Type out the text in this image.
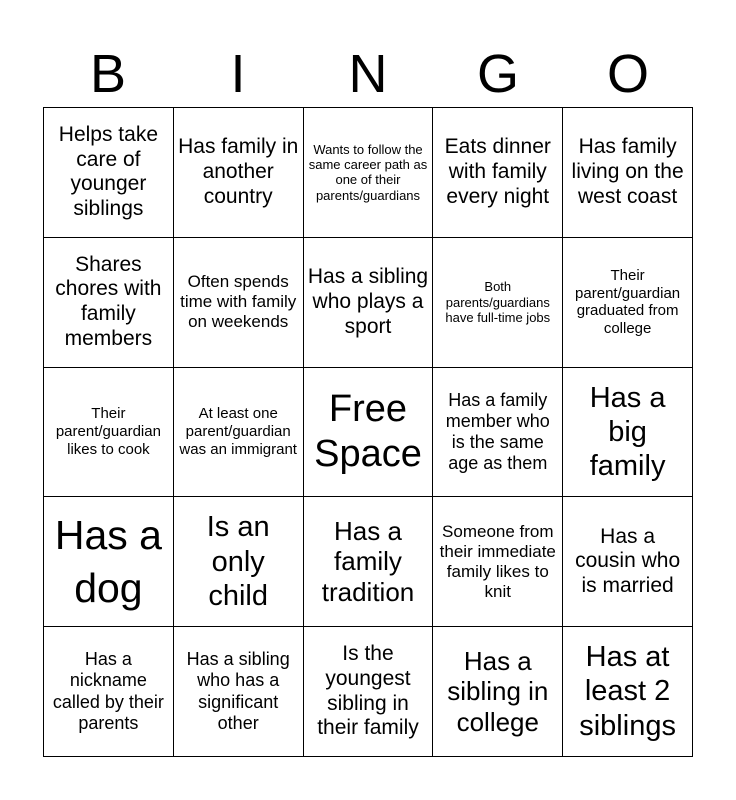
B	I	N	G	O
Helps take care of younger siblings
Has family in another country
Wants to follow the same career path as one of their parents/guardians
Eats dinner with family every night
Has family living on the west coast
Shares chores with family members
Often spends time with family on weekends
Has a sibling who plays a sport
Both parents/guardians have full-time jobs
Their parent/guardian graduated from college
Their parent/guardian likes to cook
At least one parent/guardian was an immigrant
Free Space
Has a family member who is the same age as them
Has a big family
Has a dog
Is an only child
Has a family tradition
Someone from their immediate family likes to knit
Has a cousin who is married
Has a nickname called by their parents
Has a sibling who has a significant other
Is the youngest sibling in their family
Has a sibling in college
Has at least 2 siblings
